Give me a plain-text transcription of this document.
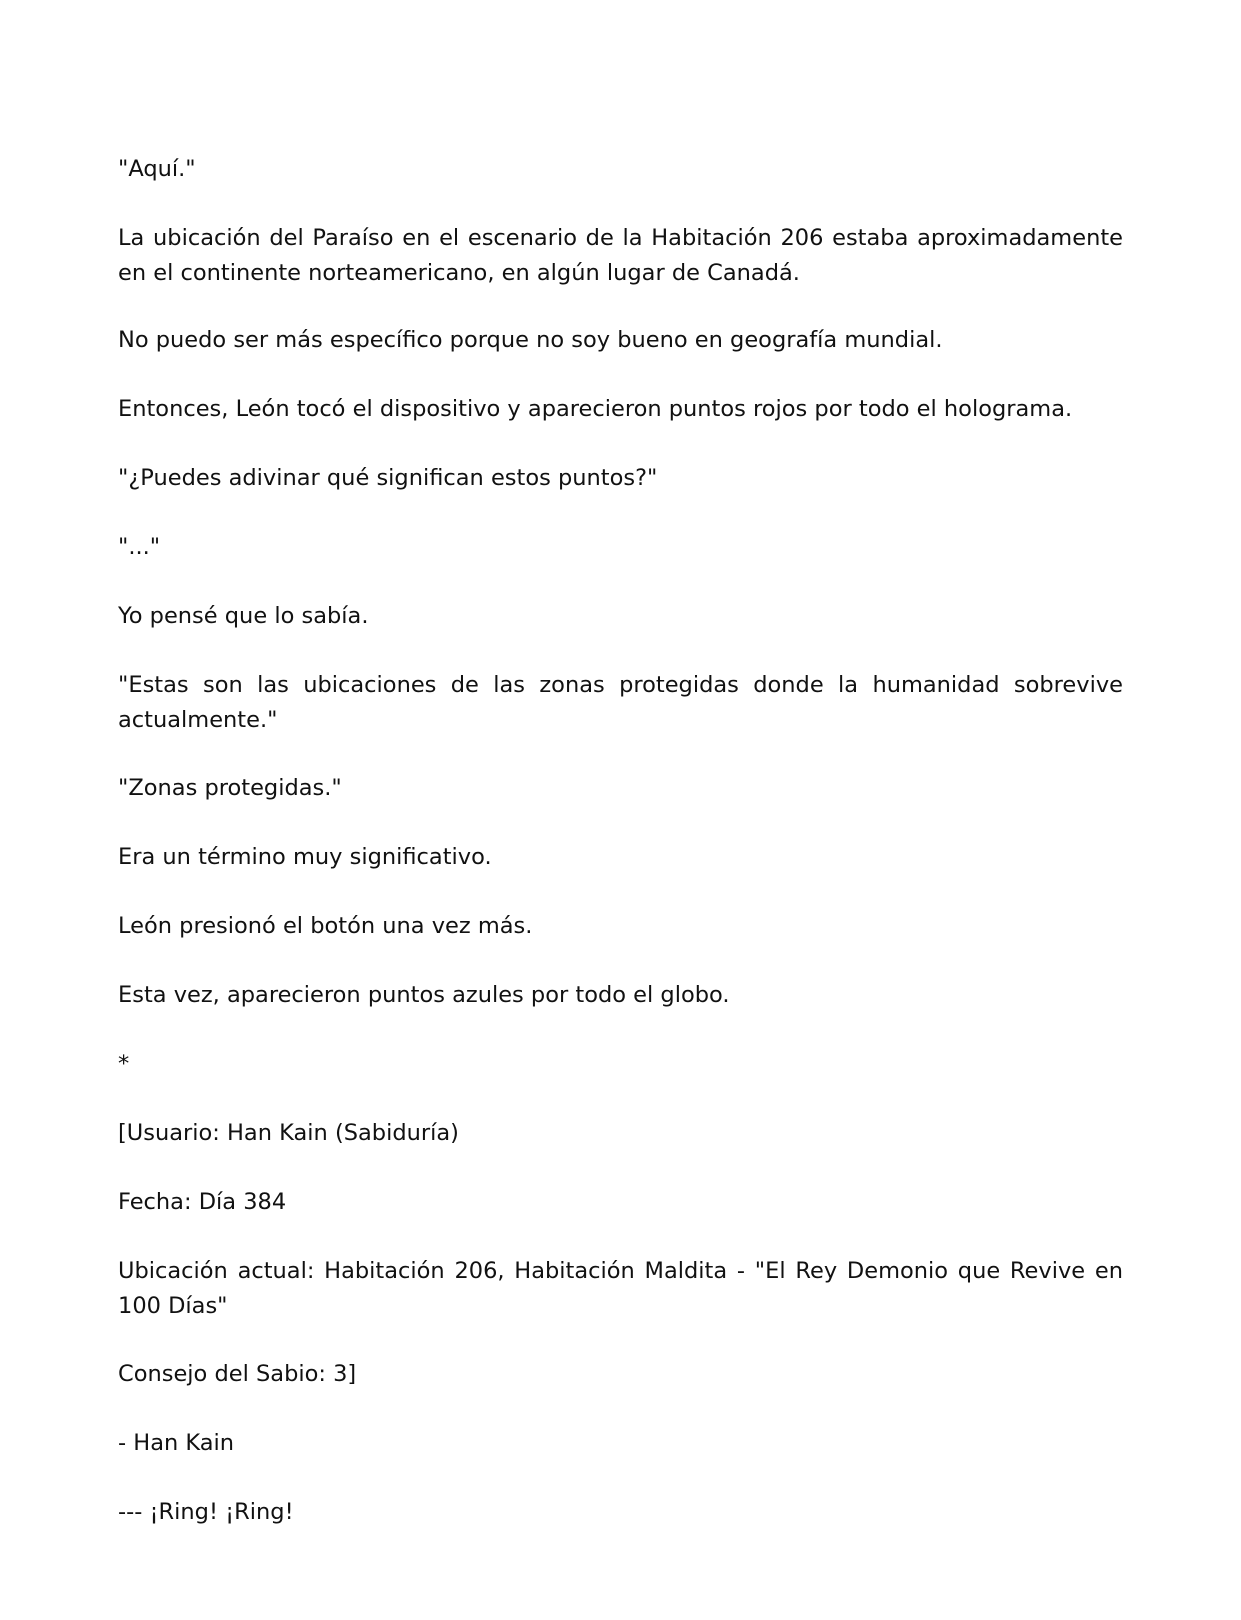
"Aquí."

La ubicación del Paraíso en el escenario de la Habitación 206 estaba aproximadamente en el continente norteamericano, en algún lugar de Canadá.

No puedo ser más específico porque no soy bueno en geografía mundial.

Entonces, León tocó el dispositivo y aparecieron puntos rojos por todo el holograma.

"¿Puedes adivinar qué significan estos puntos?"

"..."

Yo pensé que lo sabía.

"Estas son las ubicaciones de las zonas protegidas donde la humanidad sobrevive actualmente."

"Zonas protegidas."

Era un término muy significativo.

León presionó el botón una vez más.

Esta vez, aparecieron puntos azules por todo el globo.

*

[Usuario: Han Kain (Sabiduría)

Fecha: Día 384

Ubicación actual: Habitación 206, Habitación Maldita - "El Rey Demonio que Revive en 100 Días"

Consejo del Sabio: 3]

- Han Kain

--- ¡Ring! ¡Ring!
